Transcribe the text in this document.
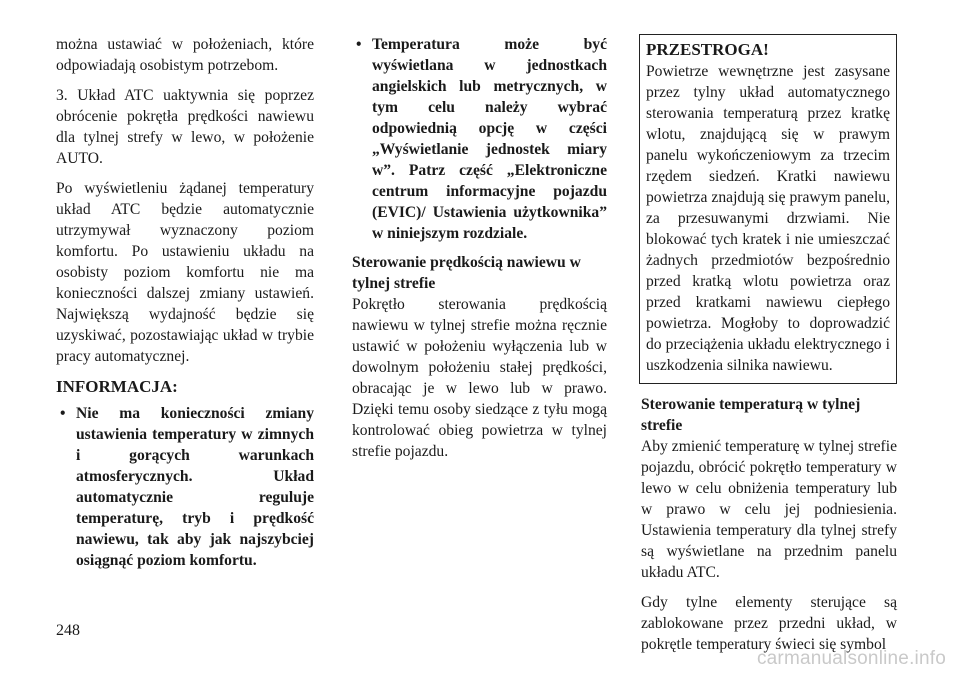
można ustawiać w położeniach, które odpowiadają osobistym potrzebom.

3. Układ ATC uaktywnia się poprzez obrócenie pokrętła prędkości nawiewu dla tylnej strefy w lewo, w położenie AUTO.

Po wyświetleniu żądanej temperatury układ ATC będzie automatycznie utrzymywał wyznaczony poziom komfortu. Po ustawieniu układu na osobisty poziom komfortu nie ma konieczności dalszej zmiany ustawień. Największą wydajność będzie się uzyskiwać, pozostawiając układ w trybie pracy automatycznej.

INFORMACJA:
• Nie ma konieczności zmiany ustawienia temperatury w zimnych i gorących warunkach atmosferycznych. Układ automatycznie reguluje temperaturę, tryb i prędkość nawiewu, tak aby jak najszybciej osiągnąć poziom komfortu.
• Temperatura może być wyświetlana w jednostkach angielskich lub metrycznych, w tym celu należy wybrać odpowiednią opcję w części „Wyświetlanie jednostek miary w”. Patrz część „Elektroniczne centrum informacyjne pojazdu (EVIC)/ Ustawienia użytkownika” w niniejszym rozdziale.

Sterowanie prędkością nawiewu w tylnej strefie

Pokrętło sterowania prędkością nawiewu w tylnej strefie można ręcznie ustawić w położeniu wyłączenia lub w dowolnym położeniu stałej prędkości, obracając je w lewo lub w prawo. Dzięki temu osoby siedzące z tyłu mogą kontrolować obieg powietrza w tylnej strefie pojazdu.

PRZESTROGA!

Powietrze wewnętrzne jest zasysane przez tylny układ automatycznego sterowania temperaturą przez kratkę wlotu, znajdującą się w prawym panelu wykończeniowym za trzecim rzędem siedzeń. Kratki nawiewu powietrza znajdują się prawym panelu, za przesuwanymi drzwiami. Nie blokować tych kratek i nie umieszczać żadnych przedmiotów bezpośrednio przed kratką wlotu powietrza oraz przed kratkami nawiewu ciepłego powietrza. Mogłoby to doprowadzić do przeciążenia układu elektrycznego i uszkodzenia silnika nawiewu.

Sterowanie temperaturą w tylnej strefie

Aby zmienić temperaturę w tylnej strefie pojazdu, obrócić pokrętło temperatury w lewo w celu obniżenia temperatury lub w prawo w celu jej podniesienia. Ustawienia temperatury dla tylnej strefy są wyświetlane na przednim panelu układu ATC.

Gdy tylne elementy sterujące są zablokowane przez przedni układ, w pokrętle temperatury świeci się symbol

248
carmanualsonline.info
